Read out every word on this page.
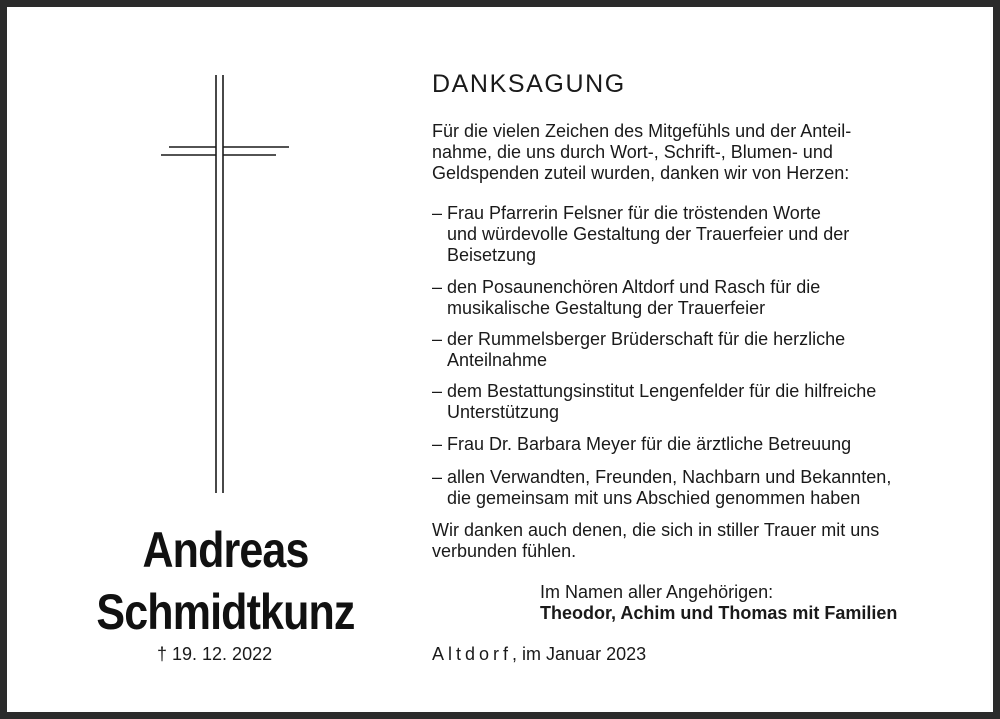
Andreas
Schmidtkunz
† 19. 12. 2022
DANKSAGUNG
Für die vielen Zeichen des Mitgefühls und der Anteil-
nahme, die uns durch Wort-, Schrift-, Blumen- und
Geldspenden zuteil wurden, danken wir von Herzen:
– Frau Pfarrerin Felsner für die tröstenden Worte
und würdevolle Gestaltung der Trauerfeier und der
Beisetzung
– den Posaunenchören Altdorf und Rasch für die
musikalische Gestaltung der Trauerfeier
– der Rummelsberger Brüderschaft für die herzliche
Anteilnahme
– dem Bestattungsinstitut Lengenfelder für die hilfreiche
Unterstützung
– Frau Dr. Barbara Meyer für die ärztliche Betreuung
– allen Verwandten, Freunden, Nachbarn und Bekannten,
die gemeinsam mit uns Abschied genommen haben
Wir danken auch denen, die sich in stiller Trauer mit uns
verbunden fühlen.
Im Namen aller Angehörigen:
Theodor, Achim und Thomas mit Familien
Altdorf, im Januar 2023
